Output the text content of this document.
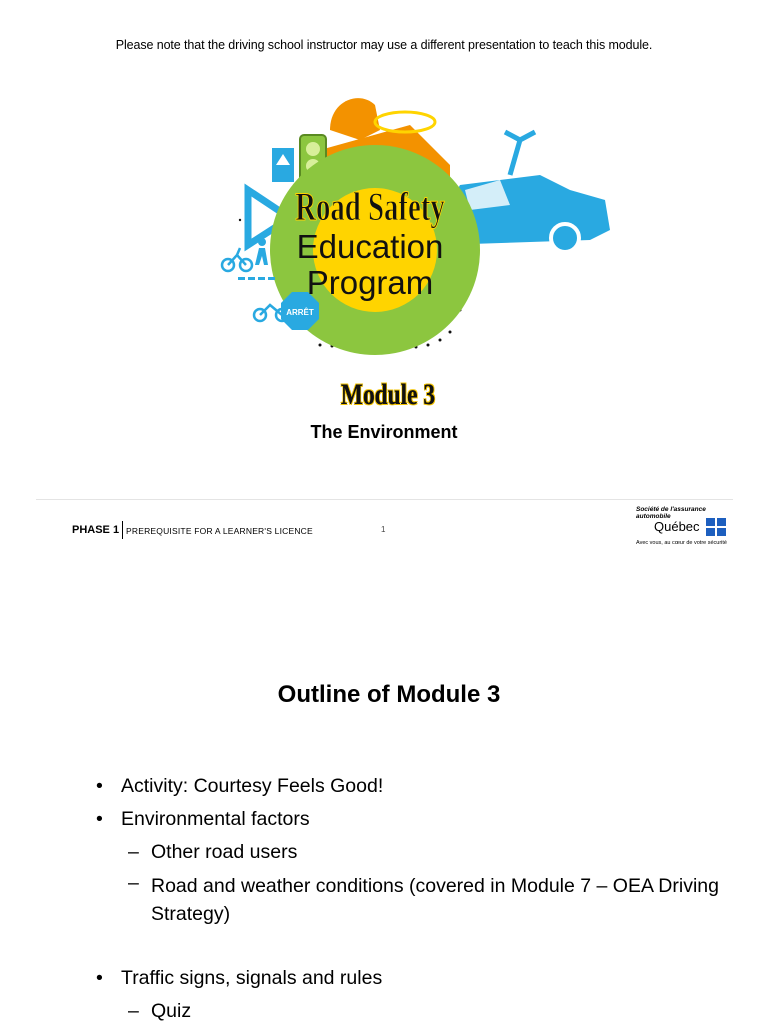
Please note that the driving school instructor may use a different presentation to teach this module.
ARRÊT
Road Safety
Education
Program
Module 3
The Environment
PHASE 1 PREREQUISITE FOR A LEARNER'S LICENCE	1
Société de l'assurance automobile
Québec
Avec vous, au cœur de votre sécurité
Outline of Module 3
• Activity: Courtesy Feels Good!
• Environmental factors
– Other road users
– Road and weather conditions (covered in Module 7 – OEA Driving Strategy)
• Traffic signs, signals and rules
– Quiz
